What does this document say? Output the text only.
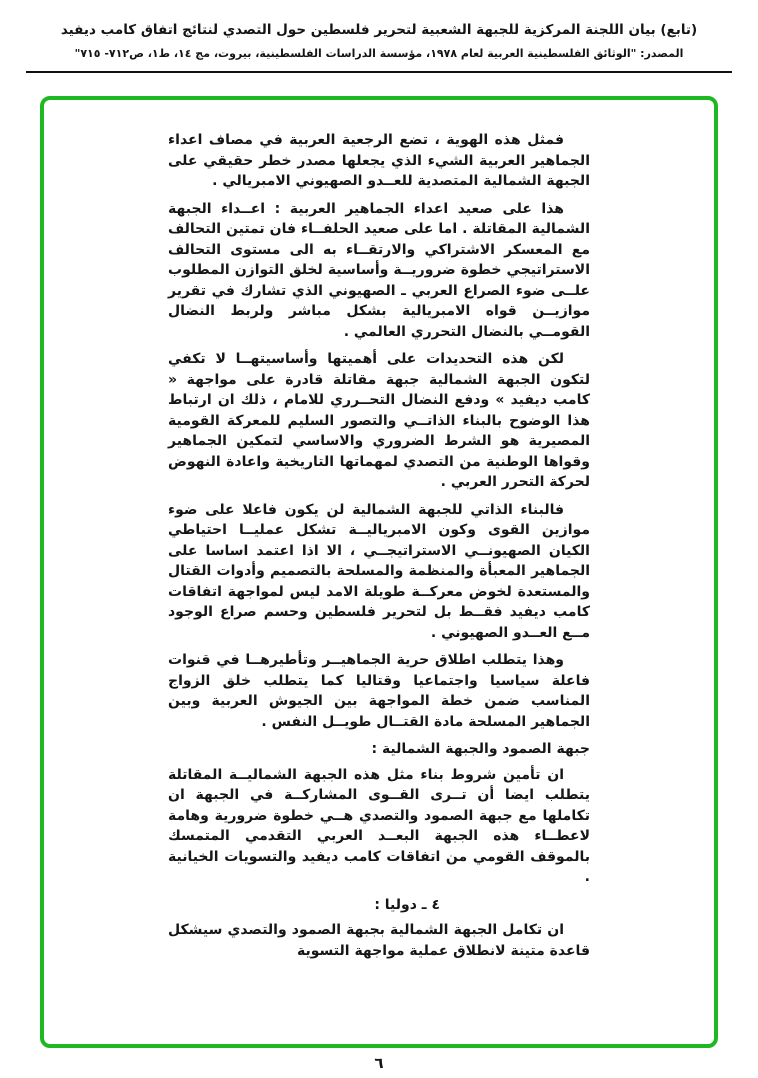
(تابع) بيان اللجنة المركزية للجبهة الشعبية لتحرير فلسطين حول التصدي لنتائج اتفاق كامب ديفيد
المصدر: "الوثائق الفلسطينية العربية لعام ١٩٧٨، مؤسسة الدراسات الفلسطينية، بيروت، مج ١٤، ط١، ص٧١٢- ٧١٥"

فمثل هذه الهوية ، تضع الرجعية العربية في مصاف اعداء الجماهير العربية الشيء الذي يجعلها مصدر خطر حقيقي على الجبهة الشمالية المتصدية للعــدو الصهيوني الامبريالي .

هذا على صعيد اعداء الجماهير العربية : اعــداء الجبهة الشمالية المقاتلة . اما على صعيد الحلفــاء فان تمتين التحالف مع المعسكر الاشتراكي والارتقــاء به الى مستوى التحالف الاستراتيجي خطوة ضروريــة وأساسية لخلق التوازن المطلوب علــى ضوء الصراع العربي ـ الصهيوني الذي تشارك في تقرير موازيــن قواه الامبريالية بشكل مباشر ولربط النضال القومــي بالنضال التحرري العالمي .

لكن هذه التحديدات على أهميتها وأساسيتهــا لا تكفي لتكون الجبهة الشمالية جبهة مقاتلة قادرة على مواجهة « كامب ديفيد » ودفع النضال التحــرري للامام ، ذلك ان ارتباط هذا الوضوح بالبناء الذاتــي والتصور السليم للمعركة القومية المصيرية هو الشرط الضروري والاساسي لتمكين الجماهير وقواها الوطنية من التصدي لمهماتها التاريخية واعادة النهوض لحركة التحرر العربي .

فالبناء الذاتي للجبهة الشمالية لن يكون فاعلا على ضوء موازين القوى وكون الامبرياليــة تشكل عمليــا احتياطي الكيان الصهيونــي الاستراتيجــي ، الا اذا اعتمد اساسا على الجماهير المعبأة والمنظمة والمسلحة بالتصميم وأدوات القتال والمستعدة لخوض معركــة طويلة الامد ليس لمواجهة اتفاقات كامب ديفيد فقــط بل لتحرير فلسطين وحسم صراع الوجود مــع العــدو الصهيوني .

وهذا يتطلب اطلاق حرية الجماهيــر وتأطيرهــا في قنوات فاعلة سياسيا واجتماعيا وقتاليا كما يتطلب خلق الزواج المناسب ضمن خطة المواجهة بين الجيوش العربية وبين الجماهير المسلحة مادة القتــال طويــل النفس .

جبهة الصمود والجبهة الشمالية :

ان تأمين شروط بناء مثل هذه الجبهة الشماليــة المقاتلة يتطلب ايضا أن تــرى القــوى المشاركــة في الجبهة ان تكاملها مع جبهة الصمود والتصدي هــي خطوة ضرورية وهامة لاعطــاء هذه الجبهة البعــد العربي التقدمي المتمسك بالموقف القومي من اتفاقات كامب ديفيد والتسويات الخيانية .

٤ ـ دوليا :

ان تكامل الجبهة الشمالية بجبهة الصمود والتصدي سيشكل قاعدة متينة لانطلاق عملية مواجهة التسوية

٦
